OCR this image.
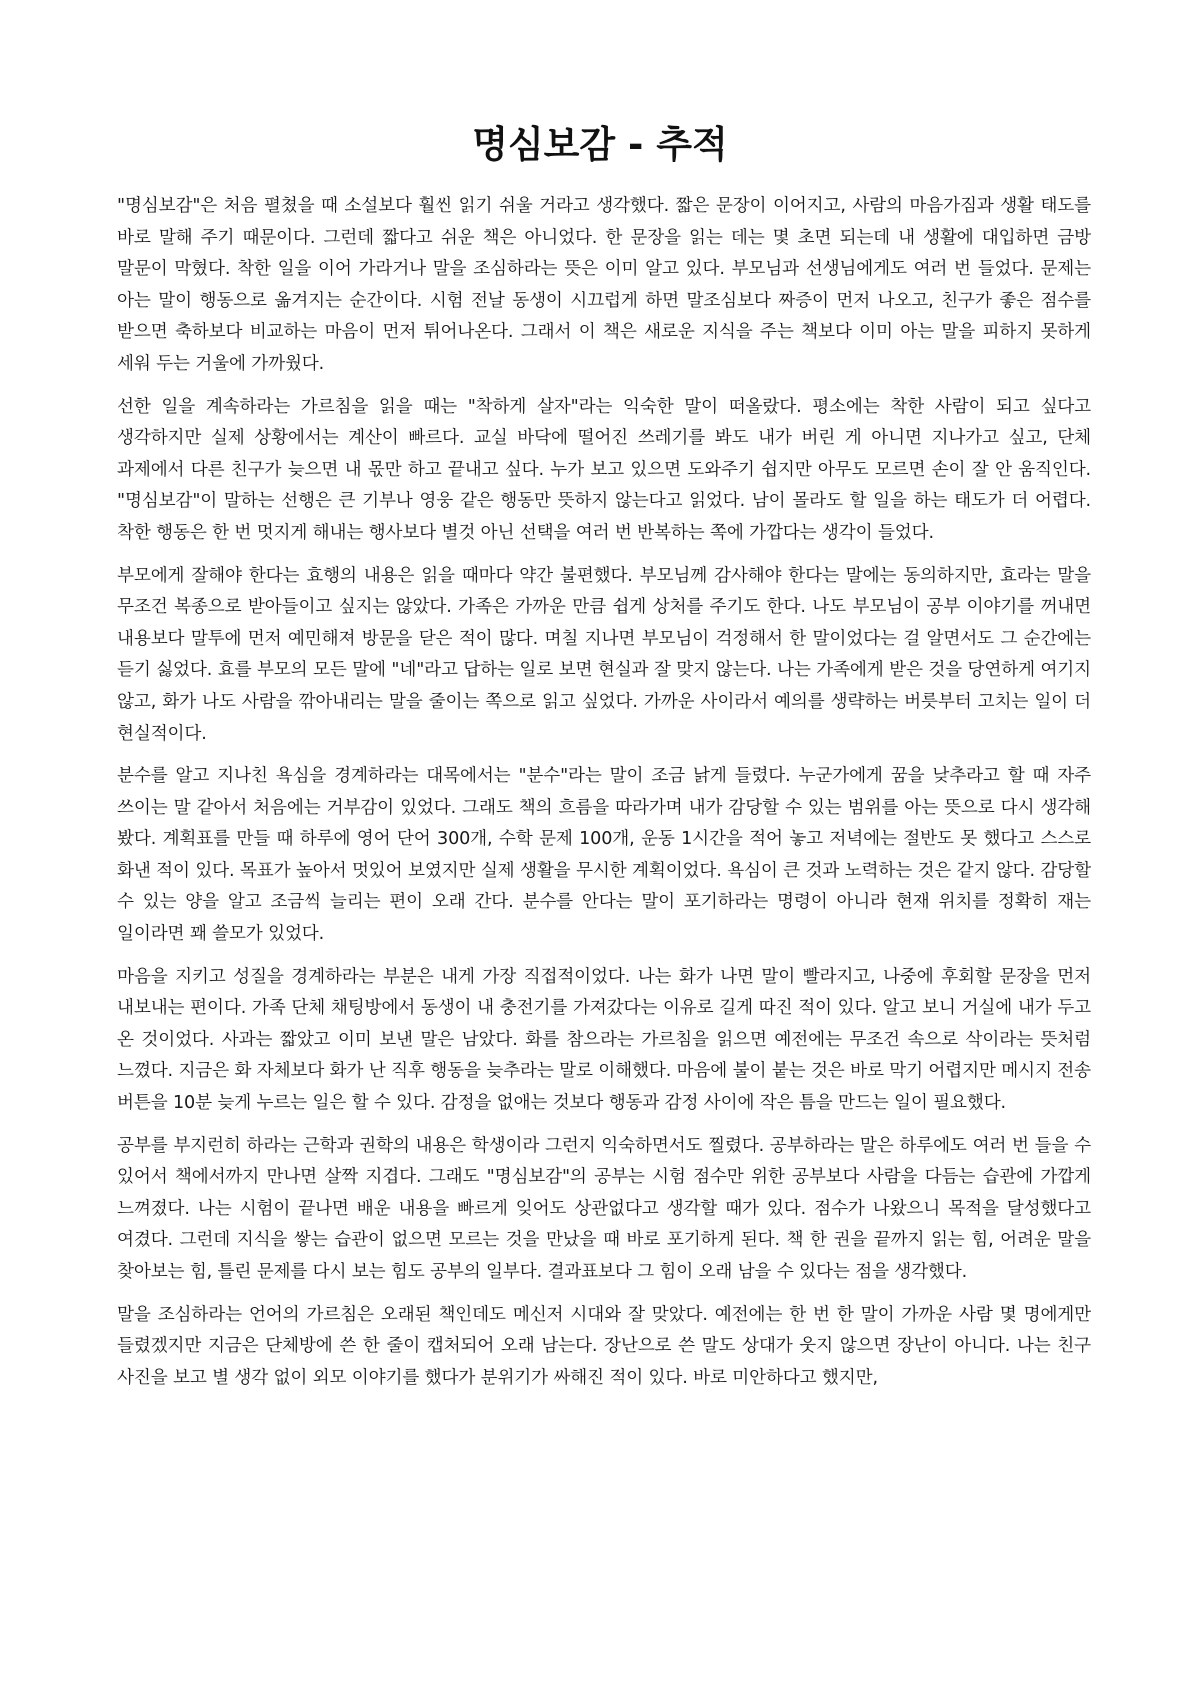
명심보감 - 추적

"명심보감"은 처음 펼쳤을 때 소설보다 훨씬 읽기 쉬울 거라고 생각했다. 짧은 문장이 이어지고, 사람의 마음가짐과 생활 태도를 바로 말해 주기 때문이다. 그런데 짧다고 쉬운 책은 아니었다. 한 문장을 읽는 데는 몇 초면 되는데 내 생활에 대입하면 금방 말문이 막혔다. 착한 일을 이어 가라거나 말을 조심하라는 뜻은 이미 알고 있다. 부모님과 선생님에게도 여러 번 들었다. 문제는 아는 말이 행동으로 옮겨지는 순간이다. 시험 전날 동생이 시끄럽게 하면 말조심보다 짜증이 먼저 나오고, 친구가 좋은 점수를 받으면 축하보다 비교하는 마음이 먼저 튀어나온다. 그래서 이 책은 새로운 지식을 주는 책보다 이미 아는 말을 피하지 못하게 세워 두는 거울에 가까웠다.

선한 일을 계속하라는 가르침을 읽을 때는 "착하게 살자"라는 익숙한 말이 떠올랐다. 평소에는 착한 사람이 되고 싶다고 생각하지만 실제 상황에서는 계산이 빠르다. 교실 바닥에 떨어진 쓰레기를 봐도 내가 버린 게 아니면 지나가고 싶고, 단체 과제에서 다른 친구가 늦으면 내 몫만 하고 끝내고 싶다. 누가 보고 있으면 도와주기 쉽지만 아무도 모르면 손이 잘 안 움직인다. "명심보감"이 말하는 선행은 큰 기부나 영웅 같은 행동만 뜻하지 않는다고 읽었다. 남이 몰라도 할 일을 하는 태도가 더 어렵다. 착한 행동은 한 번 멋지게 해내는 행사보다 별것 아닌 선택을 여러 번 반복하는 쪽에 가깝다는 생각이 들었다.

부모에게 잘해야 한다는 효행의 내용은 읽을 때마다 약간 불편했다. 부모님께 감사해야 한다는 말에는 동의하지만, 효라는 말을 무조건 복종으로 받아들이고 싶지는 않았다. 가족은 가까운 만큼 쉽게 상처를 주기도 한다. 나도 부모님이 공부 이야기를 꺼내면 내용보다 말투에 먼저 예민해져 방문을 닫은 적이 많다. 며칠 지나면 부모님이 걱정해서 한 말이었다는 걸 알면서도 그 순간에는 듣기 싫었다. 효를 부모의 모든 말에 "네"라고 답하는 일로 보면 현실과 잘 맞지 않는다. 나는 가족에게 받은 것을 당연하게 여기지 않고, 화가 나도 사람을 깎아내리는 말을 줄이는 쪽으로 읽고 싶었다. 가까운 사이라서 예의를 생략하는 버릇부터 고치는 일이 더 현실적이다.

분수를 알고 지나친 욕심을 경계하라는 대목에서는 "분수"라는 말이 조금 낡게 들렸다. 누군가에게 꿈을 낮추라고 할 때 자주 쓰이는 말 같아서 처음에는 거부감이 있었다. 그래도 책의 흐름을 따라가며 내가 감당할 수 있는 범위를 아는 뜻으로 다시 생각해 봤다. 계획표를 만들 때 하루에 영어 단어 300개, 수학 문제 100개, 운동 1시간을 적어 놓고 저녁에는 절반도 못 했다고 스스로 화낸 적이 있다. 목표가 높아서 멋있어 보였지만 실제 생활을 무시한 계획이었다. 욕심이 큰 것과 노력하는 것은 같지 않다. 감당할 수 있는 양을 알고 조금씩 늘리는 편이 오래 간다. 분수를 안다는 말이 포기하라는 명령이 아니라 현재 위치를 정확히 재는 일이라면 꽤 쓸모가 있었다.

마음을 지키고 성질을 경계하라는 부분은 내게 가장 직접적이었다. 나는 화가 나면 말이 빨라지고, 나중에 후회할 문장을 먼저 내보내는 편이다. 가족 단체 채팅방에서 동생이 내 충전기를 가져갔다는 이유로 길게 따진 적이 있다. 알고 보니 거실에 내가 두고 온 것이었다. 사과는 짧았고 이미 보낸 말은 남았다. 화를 참으라는 가르침을 읽으면 예전에는 무조건 속으로 삭이라는 뜻처럼 느꼈다. 지금은 화 자체보다 화가 난 직후 행동을 늦추라는 말로 이해했다. 마음에 불이 붙는 것은 바로 막기 어렵지만 메시지 전송 버튼을 10분 늦게 누르는 일은 할 수 있다. 감정을 없애는 것보다 행동과 감정 사이에 작은 틈을 만드는 일이 필요했다.

공부를 부지런히 하라는 근학과 권학의 내용은 학생이라 그런지 익숙하면서도 찔렸다. 공부하라는 말은 하루에도 여러 번 들을 수 있어서 책에서까지 만나면 살짝 지겹다. 그래도 "명심보감"의 공부는 시험 점수만 위한 공부보다 사람을 다듬는 습관에 가깝게 느껴졌다. 나는 시험이 끝나면 배운 내용을 빠르게 잊어도 상관없다고 생각할 때가 있다. 점수가 나왔으니 목적을 달성했다고 여겼다. 그런데 지식을 쌓는 습관이 없으면 모르는 것을 만났을 때 바로 포기하게 된다. 책 한 권을 끝까지 읽는 힘, 어려운 말을 찾아보는 힘, 틀린 문제를 다시 보는 힘도 공부의 일부다. 결과표보다 그 힘이 오래 남을 수 있다는 점을 생각했다.

말을 조심하라는 언어의 가르침은 오래된 책인데도 메신저 시대와 잘 맞았다. 예전에는 한 번 한 말이 가까운 사람 몇 명에게만 들렸겠지만 지금은 단체방에 쓴 한 줄이 캡처되어 오래 남는다. 장난으로 쓴 말도 상대가 웃지 않으면 장난이 아니다. 나는 친구 사진을 보고 별 생각 없이 외모 이야기를 했다가 분위기가 싸해진 적이 있다. 바로 미안하다고 했지만,
